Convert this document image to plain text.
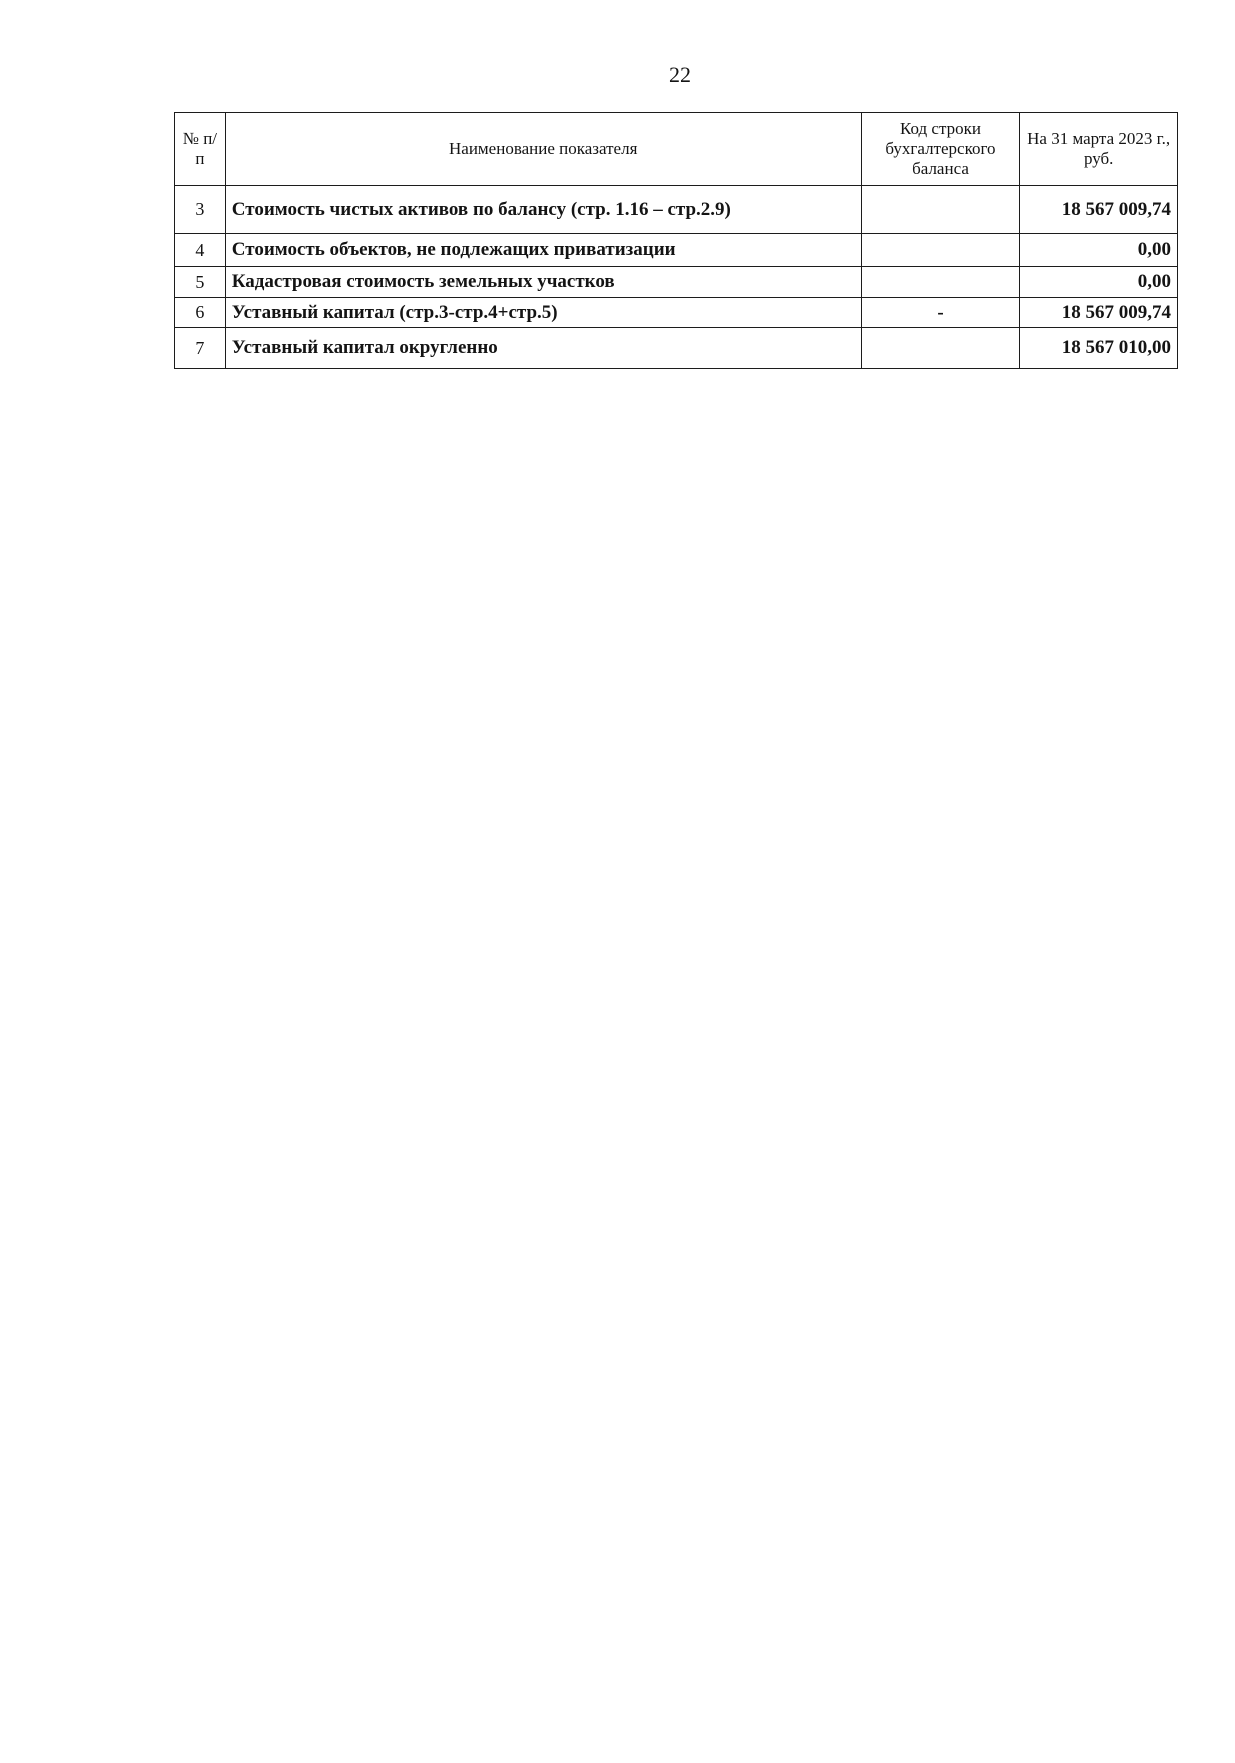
22
№ п/п	Наименование показателя	Код строки бухгалтерского баланса	На 31 марта 2023 г., руб.
3	Стоимость чистых активов по балансу (стр. 1.16 – стр.2.9)		18 567 009,74
4	Стоимость объектов, не подлежащих приватизации		0,00
5	Кадастровая стоимость земельных участков		0,00
6	Уставный капитал (стр.3-стр.4+стр.5)	-	18 567 009,74
7	Уставный капитал округленно		18 567 010,00
